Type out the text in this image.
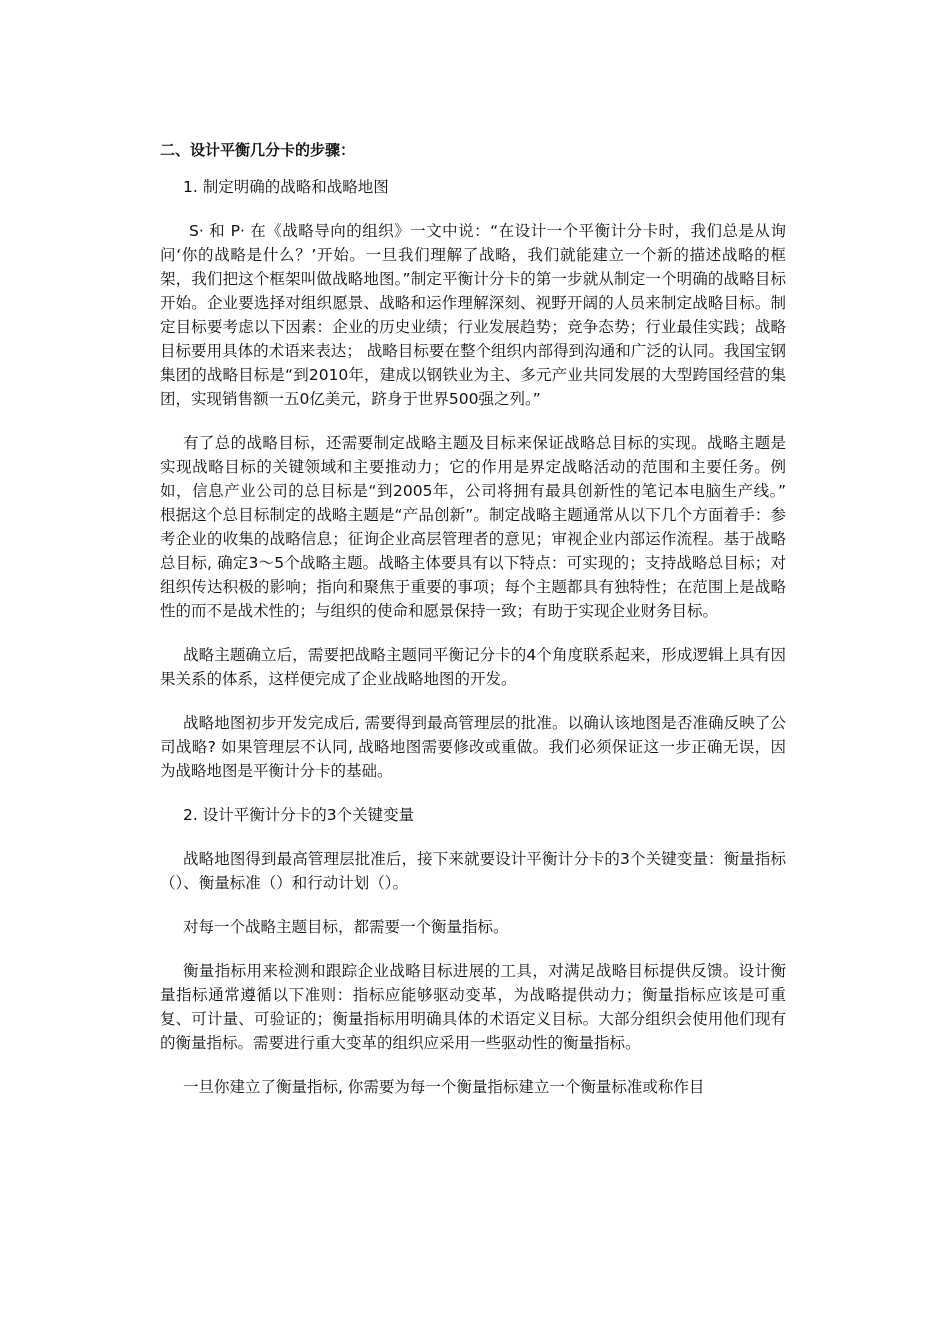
二、设计平衡几分卡的步骤：
1. 制定明确的战略和战略地图

S· 和 P· 在《战略导向的组织》一文中说：“在设计一个平衡计分卡时，我们总是从询问‘你的战略是什么？’开始。一旦我们理解了战略，我们就能建立一个新的描述战略的框架，我们把这个框架叫做战略地图。”制定平衡计分卡的第一步就从制定一个明确的战略目标开始。企业要选择对组织愿景、战略和运作理解深刻、视野开阔的人员来制定战略目标。制定目标要考虑以下因素：企业的历史业绩；行业发展趋势；竞争态势；行业最佳实践；战略目标要用具体的术语来表达； 战略目标要在整个组织内部得到沟通和广泛的认同。我国宝钢集团的战略目标是“到2010年，建成以钢铁业为主、多元产业共同发展的大型跨国经营的集团，实现销售额一五0亿美元，跻身于世界500强之列。”

有了总的战略目标，还需要制定战略主题及目标来保证战略总目标的实现。战略主题是实现战略目标的关键领域和主要推动力；它的作用是界定战略活动的范围和主要任务。例如，信息产业公司的总目标是“到2005年，公司将拥有最具创新性的笔记本电脑生产线。” 根据这个总目标制定的战略主题是“产品创新”。制定战略主题通常从以下几个方面着手：参考企业的收集的战略信息；征询企业高层管理者的意见；审视企业内部运作流程。基于战略总目标, 确定3～5个战略主题。战略主体要具有以下特点：可实现的；支持战略总目标；对组织传达积极的影响；指向和聚焦于重要的事项；每个主题都具有独特性；在范围上是战略性的而不是战术性的；与组织的使命和愿景保持一致；有助于实现企业财务目标。

战略主题确立后，需要把战略主题同平衡记分卡的4个角度联系起来，形成逻辑上具有因果关系的体系，这样便完成了企业战略地图的开发。

战略地图初步开发完成后, 需要得到最高管理层的批准。以确认该地图是否准确反映了公司战略? 如果管理层不认同, 战略地图需要修改或重做。我们必须保证这一步正确无误，因为战略地图是平衡计分卡的基础。

2. 设计平衡计分卡的3个关键变量

战略地图得到最高管理层批准后，接下来就要设计平衡计分卡的3个关键变量：衡量指标（）、衡量标准（）和行动计划（）。

对每一个战略主题目标，都需要一个衡量指标。

衡量指标用来检测和跟踪企业战略目标进展的工具，对满足战略目标提供反馈。设计衡量指标通常遵循以下准则：指标应能够驱动变革，为战略提供动力；衡量指标应该是可重复、可计量、可验证的；衡量指标用明确具体的术语定义目标。大部分组织会使用他们现有的衡量指标。需要进行重大变革的组织应采用一些驱动性的衡量指标。

一旦你建立了衡量指标, 你需要为每一个衡量指标建立一个衡量标准或称作目
